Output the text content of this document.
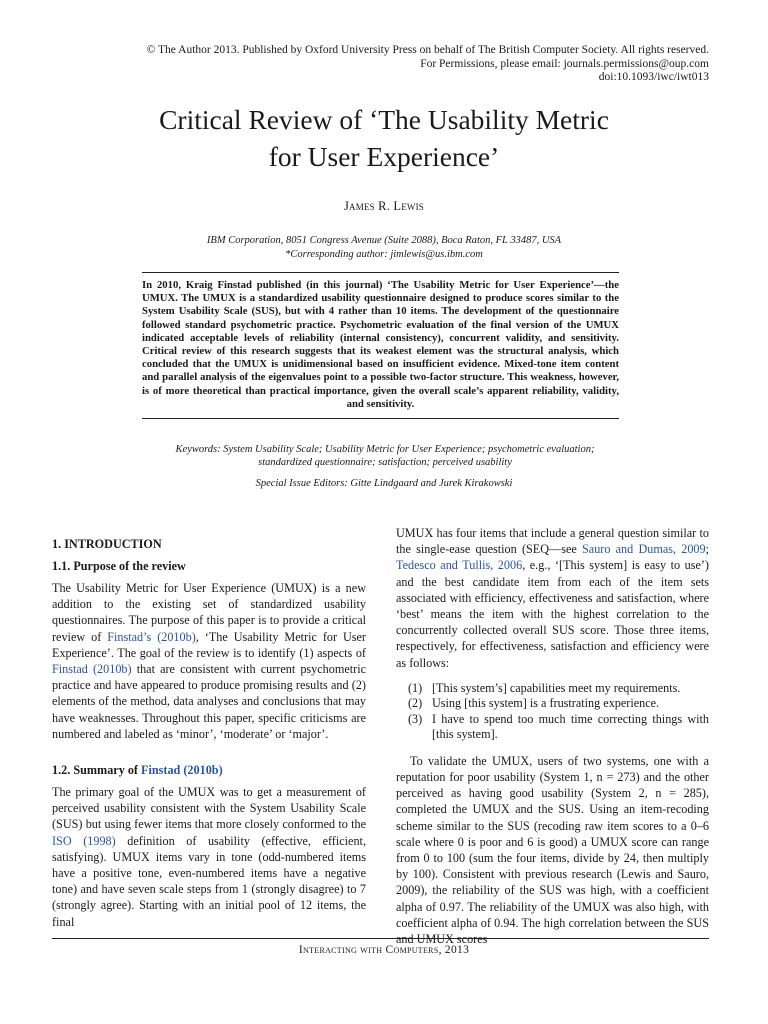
© The Author 2013. Published by Oxford University Press on behalf of The British Computer Society. All rights reserved.
For Permissions, please email: journals.permissions@oup.com
doi:10.1093/iwc/iwt013
Critical Review of ‘The Usability Metric
for User Experience’
James R. Lewis
IBM Corporation, 8051 Congress Avenue (Suite 2088), Boca Raton, FL 33487, USA
*Corresponding author: jimlewis@us.ibm.com

In 2010, Kraig Finstad published (in this journal) ‘The Usability Metric for User Experience’—the UMUX. The UMUX is a standardized usability questionnaire designed to produce scores similar to the System Usability Scale (SUS), but with 4 rather than 10 items. The development of the questionnaire followed standard psychometric practice. Psychometric evaluation of the final version of the UMUX indicated acceptable levels of reliability (internal consistency), concurrent validity, and sensitivity. Critical review of this research suggests that its weakest element was the structural analysis, which concluded that the UMUX is unidimensional based on insufficient evidence. Mixed-tone item content and parallel analysis of the eigenvalues point to a possible two-factor structure. This weakness, however, is of more theoretical than practical importance, given the overall scale’s apparent reliability, validity, and sensitivity.

Keywords: System Usability Scale; Usability Metric for User Experience; psychometric evaluation;
standardized questionnaire; satisfaction; perceived usability
Special Issue Editors: Gitte Lindgaard and Jurek Kirakowski
1. INTRODUCTION
1.1. Purpose of the review

The Usability Metric for User Experience (UMUX) is a new addition to the existing set of standardized usability questionnaires. The purpose of this paper is to provide a critical review of Finstad’s (2010b), ‘The Usability Metric for User Experience’. The goal of the review is to identify (1) aspects of Finstad (2010b) that are consistent with current psychometric practice and have appeared to produce promising results and (2) elements of the method, data analyses and conclusions that may have weaknesses. Throughout this paper, specific criticisms are numbered and labeled as ‘minor’, ‘moderate’ or ‘major’.

1.2. Summary of Finstad (2010b)

The primary goal of the UMUX was to get a measurement of perceived usability consistent with the System Usability Scale (SUS) but using fewer items that more closely conformed to the ISO (1998) definition of usability (effective, efficient, satisfying). UMUX items vary in tone (odd-numbered items have a positive tone, even-numbered items have a negative tone) and have seven scale steps from 1 (strongly disagree) to 7 (strongly agree). Starting with an initial pool of 12 items, the final

UMUX has four items that include a general question similar to the single-ease question (SEQ—see Sauro and Dumas, 2009; Tedesco and Tullis, 2006, e.g., ‘[This system] is easy to use’) and the best candidate item from each of the item sets associated with efficiency, effectiveness and satisfaction, where ‘best’ means the item with the highest correlation to the concurrently collected overall SUS score. Those three items, respectively, for effectiveness, satisfaction and efficiency were as follows:

(1) [This system’s] capabilities meet my requirements.
(2) Using [this system] is a frustrating experience.
(3) I have to spend too much time correcting things with [this system].

To validate the UMUX, users of two systems, one with a reputation for poor usability (System 1, n = 273) and the other perceived as having good usability (System 2, n = 285), completed the UMUX and the SUS. Using an item-recoding scheme similar to the SUS (recoding raw item scores to a 0–6 scale where 0 is poor and 6 is good) a UMUX score can range from 0 to 100 (sum the four items, divide by 24, then multiply by 100). Consistent with previous research (Lewis and Sauro, 2009), the reliability of the SUS was high, with a coefficient alpha of 0.97. The reliability of the UMUX was also high, with coefficient alpha of 0.94. The high correlation between the SUS and UMUX scores

Interacting with Computers, 2013
